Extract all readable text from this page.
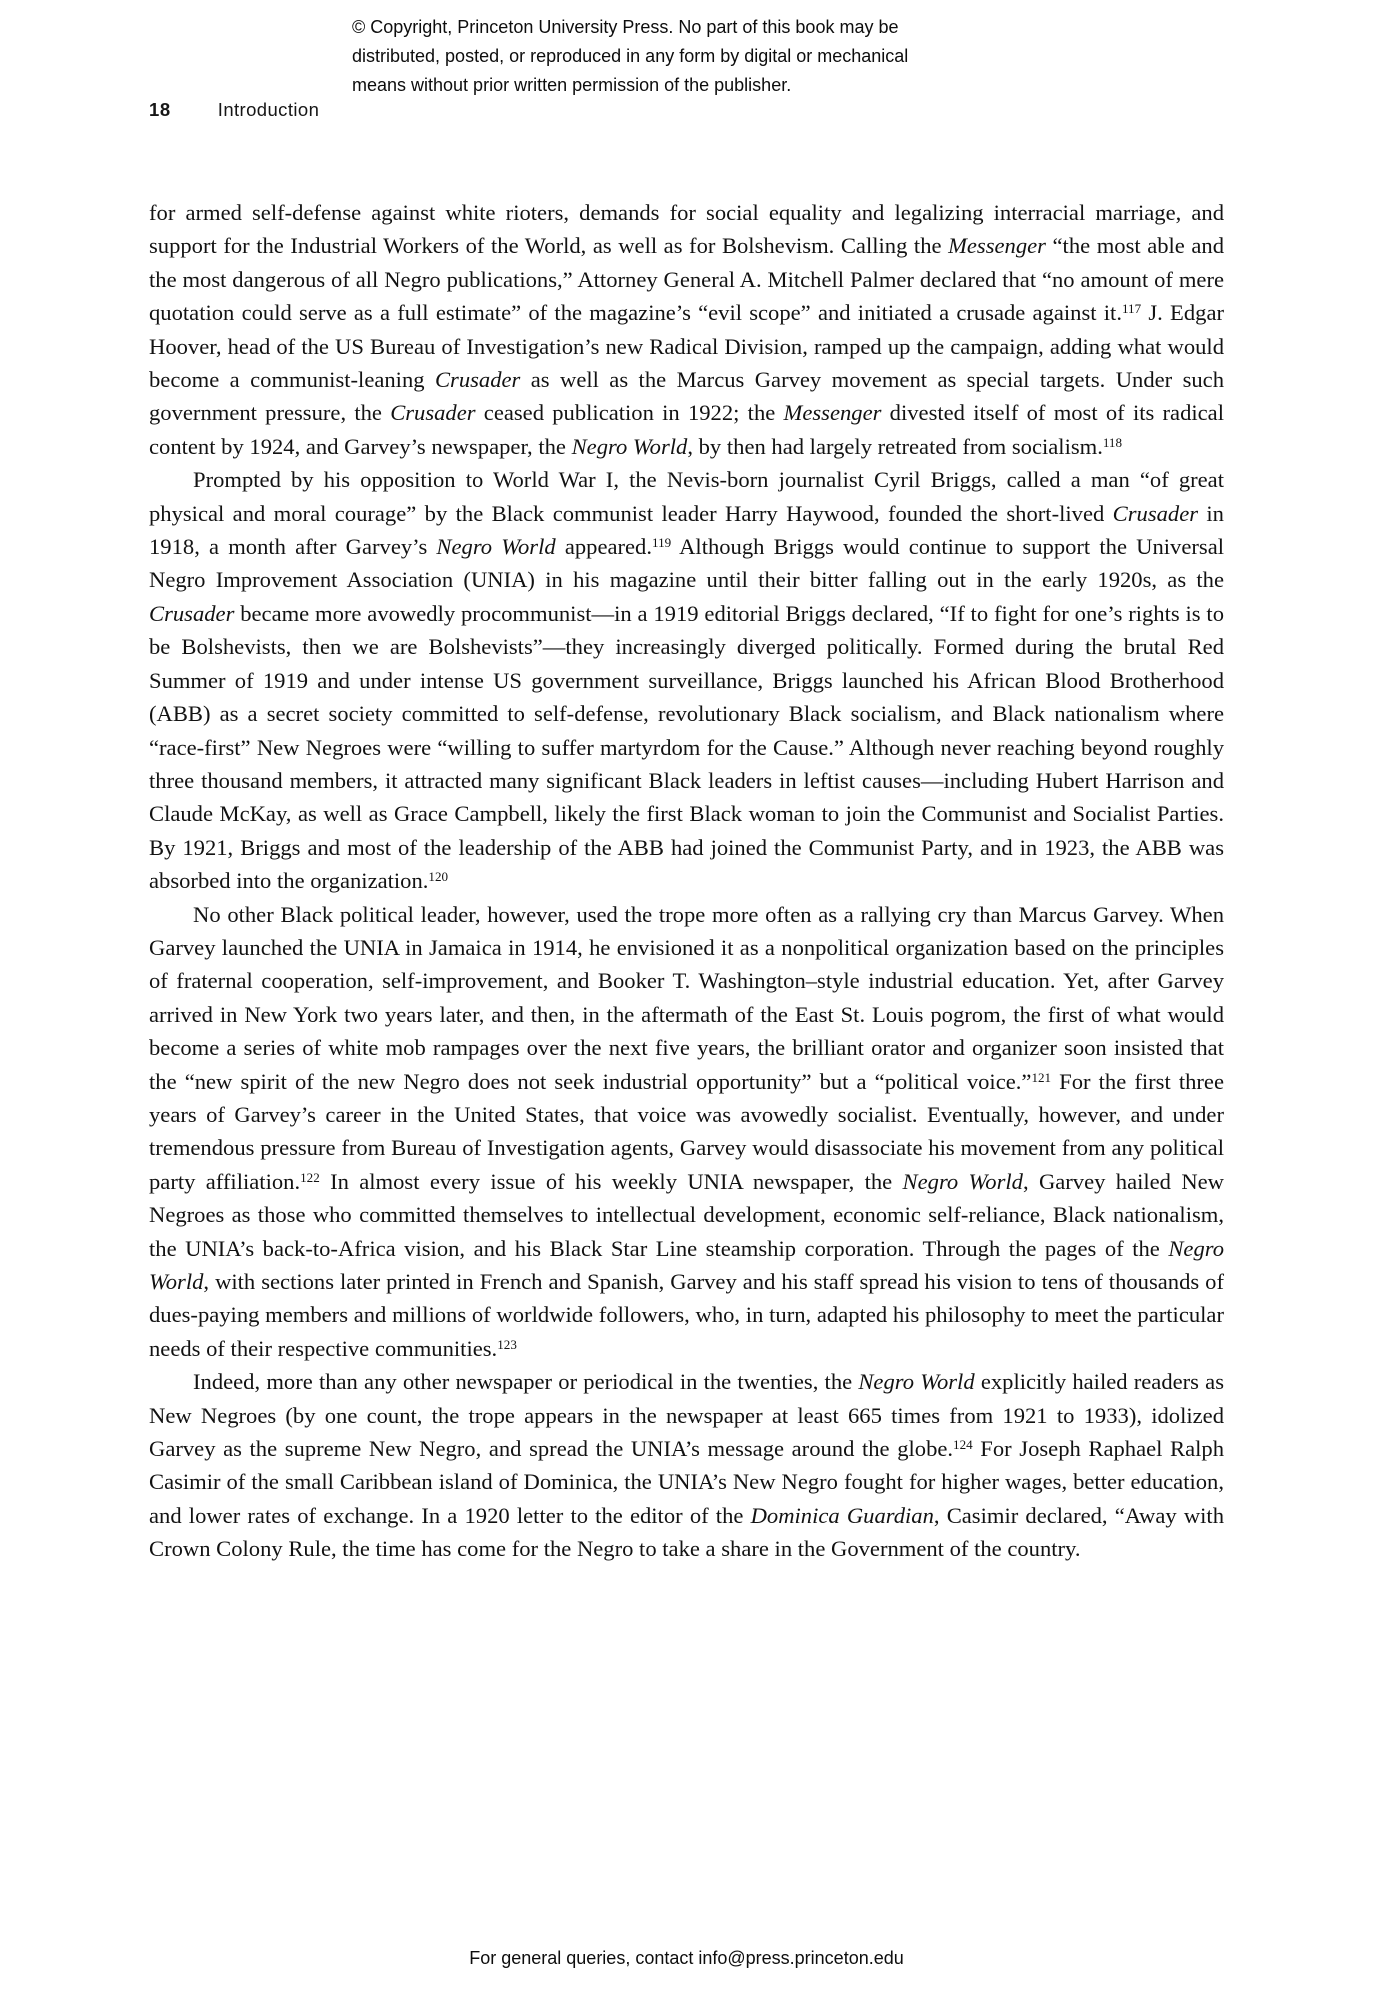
© Copyright, Princeton University Press. No part of this book may be
distributed, posted, or reproduced in any form by digital or mechanical
means without prior written permission of the publisher.
18	Introduction

for armed self-defense against white rioters, demands for social equality and legalizing interracial marriage, and support for the Industrial Workers of the World, as well as for Bolshevism. Calling the Messenger “the most able and the most dangerous of all Negro publications,” Attorney General A. Mitchell Palmer declared that “no amount of mere quotation could serve as a full estimate” of the magazine’s “evil scope” and initiated a crusade against it.$^{117}$ J. Edgar Hoover, head of the US Bureau of Investigation’s new Radical Division, ramped up the campaign, adding what would become a communist-leaning Crusader as well as the Marcus Garvey movement as special targets. Under such government pressure, the Crusader ceased publication in 1922; the Messenger divested itself of most of its radical content by 1924, and Garvey’s newspaper, the Negro World, by then had largely retreated from socialism.$^{118}$

Prompted by his opposition to World War I, the Nevis-born journalist Cyril Briggs, called a man “of great physical and moral courage” by the Black communist leader Harry Haywood, founded the short-lived Crusader in 1918, a month after Garvey’s Negro World appeared.$^{119}$ Although Briggs would continue to support the Universal Negro Improvement Association (UNIA) in his magazine until their bitter falling out in the early 1920s, as the Crusader became more avowedly procommunist—in a 1919 editorial Briggs declared, “If to fight for one’s rights is to be Bolshevists, then we are Bolshevists”—they increasingly diverged politically. Formed during the brutal Red Summer of 1919 and under intense US government surveillance, Briggs launched his African Blood Brotherhood (ABB) as a secret society committed to self-defense, revolutionary Black socialism, and Black nationalism where “race-first” New Negroes were “willing to suffer martyrdom for the Cause.” Although never reaching beyond roughly three thousand members, it attracted many significant Black leaders in leftist causes—including Hubert Harrison and Claude McKay, as well as Grace Campbell, likely the first Black woman to join the Communist and Socialist Parties. By 1921, Briggs and most of the leadership of the ABB had joined the Communist Party, and in 1923, the ABB was absorbed into the organization.$^{120}$

No other Black political leader, however, used the trope more often as a rallying cry than Marcus Garvey. When Garvey launched the UNIA in Jamaica in 1914, he envisioned it as a nonpolitical organization based on the principles of fraternal cooperation, self-improvement, and Booker T. Washington–style industrial education. Yet, after Garvey arrived in New York two years later, and then, in the aftermath of the East St. Louis pogrom, the first of what would become a series of white mob rampages over the next five years, the brilliant orator and organizer soon insisted that the “new spirit of the new Negro does not seek industrial opportunity” but a “political voice.”$^{121}$ For the first three years of Garvey’s career in the United States, that voice was avowedly socialist. Eventually, however, and under tremendous pressure from Bureau of Investigation agents, Garvey would disassociate his movement from any political party affiliation.$^{122}$ In almost every issue of his weekly UNIA newspaper, the Negro World, Garvey hailed New Negroes as those who committed themselves to intellectual development, economic self-reliance, Black nationalism, the UNIA’s back-to-Africa vision, and his Black Star Line steamship corporation. Through the pages of the Negro World, with sections later printed in French and Spanish, Garvey and his staff spread his vision to tens of thousands of dues-paying members and millions of worldwide followers, who, in turn, adapted his philosophy to meet the particular needs of their respective communities.$^{123}$

Indeed, more than any other newspaper or periodical in the twenties, the Negro World explicitly hailed readers as New Negroes (by one count, the trope appears in the newspaper at least 665 times from 1921 to 1933), idolized Garvey as the supreme New Negro, and spread the UNIA’s message around the globe.$^{124}$ For Joseph Raphael Ralph Casimir of the small Caribbean island of Dominica, the UNIA’s New Negro fought for higher wages, better education, and lower rates of exchange. In a 1920 letter to the editor of the Dominica Guardian, Casimir declared, “Away with Crown Colony Rule, the time has come for the Negro to take a share in the Government of the country.

For general queries, contact info@press.princeton.edu
